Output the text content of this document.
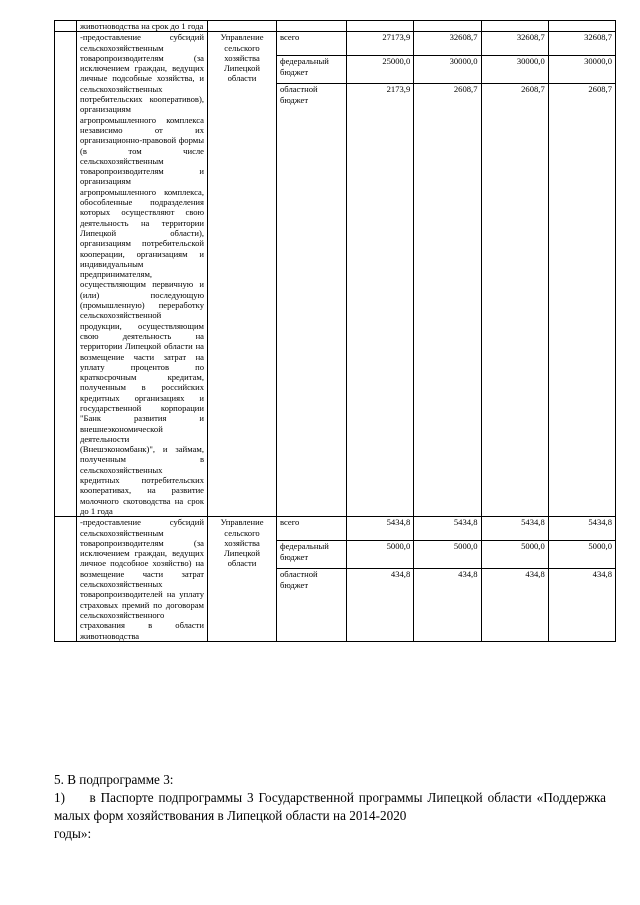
	животноводства на срок до 1 года						
	-предоставление субсидий сельскохозяйственным товаропроизводителям (за исключением граждан, ведущих личные подсобные хозяйства, и сельскохозяйственных потребительских кооперативов), организациям агропромышленного комплекса независимо от их организационно-правовой формы (в том числе сельскохозяйственным товаропроизводителям и организациям агропромышленного комплекса, обособленные подразделения которых осуществляют свою деятельность на территории Липецкой области), организациям потребительской кооперации, организациям и индивидуальным предпринимателям, осуществляющим первичную и (или) последующую (промышленную) переработку сельскохозяйственной продукции, осуществляющим свою деятельность на территории Липецкой области на возмещение части затрат на уплату процентов по краткосрочным кредитам, полученным в российских кредитных организациях и государственной корпорации "Банк развития и внешнеэкономической деятельности (Внешэкономбанк)", и займам, полученным в сельскохозяйственных кредитных потребительских кооперативах, на развитие молочного скотоводства на срок до 1 года	Управление сельского хозяйства Липецкой области	всего	27173,9	32608,7	32608,7	32608,7
			федеральный бюджет	25000,0	30000,0	30000,0	30000,0
			областной бюджет	2173,9	2608,7	2608,7	2608,7
	-предоставление субсидий сельскохозяйственным товаропроизводителям (за исключением граждан, ведущих личное подсобное хозяйство) на возмещение части затрат сельскохозяйственных товаропроизводителей на уплату страховых премий по договорам сельскохозяйственного страхования в области животноводства	Управление сельского хозяйства Липецкой области	всего	5434,8	5434,8	5434,8	5434,8
			федеральный бюджет	5000,0	5000,0	5000,0	5000,0
			областной бюджет	434,8	434,8	434,8	434,8
5. В подпрограмме 3:
1)     в Паспорте подпрограммы 3 Государственной программы Липецкой области «Поддержка малых форм хозяйствования в Липецкой области на 2014-2020
годы»:
